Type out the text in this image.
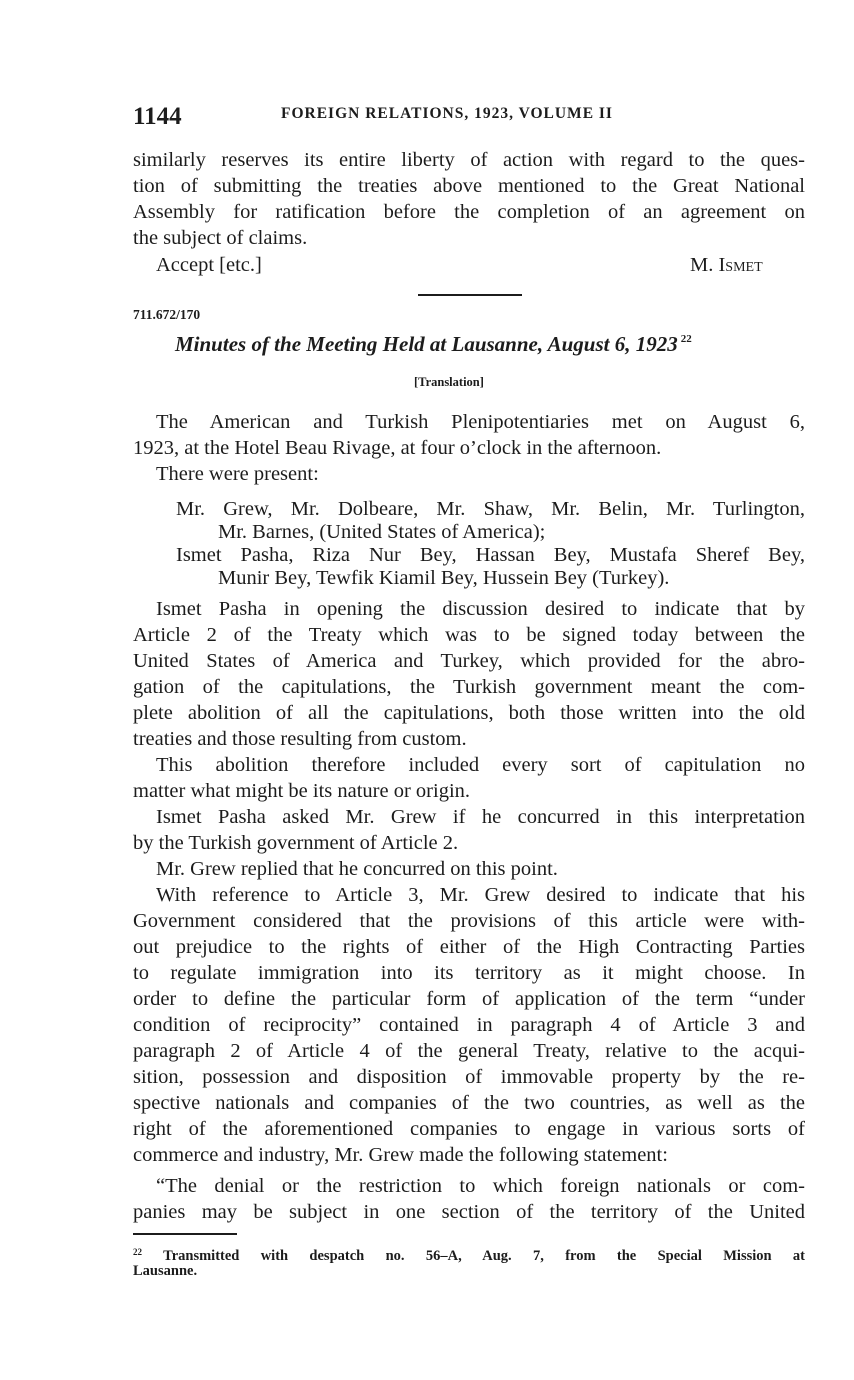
1144	FOREIGN RELATIONS, 1923, VOLUME II
similarly reserves its entire liberty of action with regard to the ques-
tion of submitting the treaties above mentioned to the Great National
Assembly for ratification before the completion of an agreement on
the subject of claims.
Accept [etc.]	M. Ismet
711.672/170
Minutes of the Meeting Held at Lausanne, August 6, 1923 $^{22}$
[Translation]
The American and Turkish Plenipotentiaries met on August 6,
1923, at the Hotel Beau Rivage, at four o’clock in the afternoon.
There were present:
Mr. Grew, Mr. Dolbeare, Mr. Shaw, Mr. Belin, Mr. Turlington,
Mr. Barnes, (United States of America);
Ismet Pasha, Riza Nur Bey, Hassan Bey, Mustafa Sheref Bey,
Munir Bey, Tewfik Kiamil Bey, Hussein Bey (Turkey).
Ismet Pasha in opening the discussion desired to indicate that by
Article 2 of the Treaty which was to be signed today between the
United States of America and Turkey, which provided for the abro-
gation of the capitulations, the Turkish government meant the com-
plete abolition of all the capitulations, both those written into the old
treaties and those resulting from custom.
This abolition therefore included every sort of capitulation no
matter what might be its nature or origin.
Ismet Pasha asked Mr. Grew if he concurred in this interpretation
by the Turkish government of Article 2.
Mr. Grew replied that he concurred on this point.
With reference to Article 3, Mr. Grew desired to indicate that his
Government considered that the provisions of this article were with-
out prejudice to the rights of either of the High Contracting Parties
to regulate immigration into its territory as it might choose. In
order to define the particular form of application of the term “under
condition of reciprocity” contained in paragraph 4 of Article 3 and
paragraph 2 of Article 4 of the general Treaty, relative to the acqui-
sition, possession and disposition of immovable property by the re-
spective nationals and companies of the two countries, as well as the
right of the aforementioned companies to engage in various sorts of
commerce and industry, Mr. Grew made the following statement:
“The denial or the restriction to which foreign nationals or com-
panies may be subject in one section of the territory of the United
$^{22}$ Transmitted with despatch no. 56–A, Aug. 7, from the Special Mission at
Lausanne.
